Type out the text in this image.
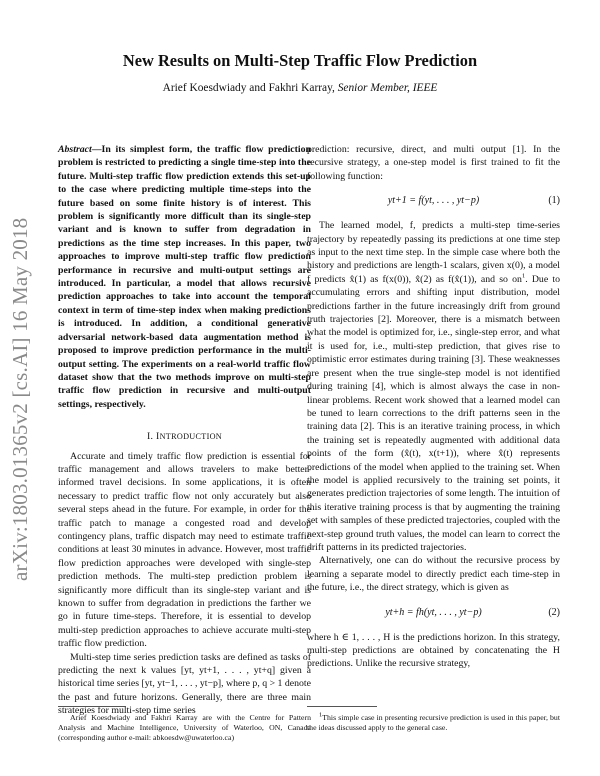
New Results on Multi-Step Traffic Flow Prediction
Arief Koesdwiady and Fakhri Karray, Senior Member, IEEE
arXiv:1803.01365v2 [cs.AI] 16 May 2018

Abstract—In its simplest form, the traffic flow prediction problem is restricted to predicting a single time-step into the future. Multi-step traffic flow prediction extends this set-up to the case where predicting multiple time-steps into the future based on some finite history is of interest. This problem is significantly more difficult than its single-step variant and is known to suffer from degradation in predictions as the time step increases. In this paper, two approaches to improve multi-step traffic flow prediction performance in recursive and multi-output settings are introduced. In particular, a model that allows recursive prediction approaches to take into account the temporal context in term of time-step index when making predictions is introduced. In addition, a conditional generative adversarial network-based data augmentation method is proposed to improve prediction performance in the multi-output setting. The experiments on a real-world traffic flow dataset show that the two methods improve on multi-step traffic flow prediction in recursive and multi-output settings, respectively.

I. INTRODUCTION

Accurate and timely traffic flow prediction is essential for traffic management and allows travelers to make better-informed travel decisions. In some applications, it is often necessary to predict traffic flow not only accurately but also several steps ahead in the future. For example, in order for the traffic patch to manage a congested road and develop contingency plans, traffic dispatch may need to estimate traffic conditions at least 30 minutes in advance. However, most traffic flow prediction approaches were developed with single-step prediction methods. The multi-step prediction problem is significantly more difficult than its single-step variant and is known to suffer from degradation in predictions the farther we go in future time-steps. Therefore, it is essential to develop multi-step prediction approaches to achieve accurate multi-step traffic flow prediction.

Multi-step time series prediction tasks are defined as tasks of predicting the next k values [yt, yt+1, . . . , yt+q] given a historical time series [yt, yt−1, . . . , yt−p], where p, q > 1 denote the past and future horizons. Generally, there are three main strategies for multi-step time series

Arief Koesdwiady and Fakhri Karray are with the Centre for Pattern Analysis and Machine Intelligence, University of Waterloo, ON, Canada (corresponding author e-mail: abkoesdw@uwaterloo.ca)

prediction: recursive, direct, and multi output [1]. In the recursive strategy, a one-step model is first trained to fit the following function:

yt+1 = f(yt, . . . , yt−p)	(1)

The learned model, f, predicts a multi-step time-series trajectory by repeatedly passing its predictions at one time step as input to the next time step. In the simple case where both the history and predictions are length-1 scalars, given x(0), a model f predicts x̂(1) as f(x(0)), x̂(2) as f(x̂(1)), and so $on^1$. Due to accumulating errors and shifting input distribution, model predictions farther in the future increasingly drift from ground truth trajectories [2]. Moreover, there is a mismatch between what the model is optimized for, i.e., single-step error, and what it is used for, i.e., multi-step prediction, that gives rise to optimistic error estimates during training [3]. These weaknesses are present when the true single-step model is not identified during training [4], which is almost always the case in non-linear problems. Recent work showed that a learned model can be tuned to learn corrections to the drift patterns seen in the training data [2]. This is an iterative training process, in which the training set is repeatedly augmented with additional data points of the form (x̂(t), x(t+1)), where x̂(t) represents predictions of the model when applied to the training set. When the model is applied recursively to the training set points, it generates prediction trajectories of some length. The intuition of this iterative training process is that by augmenting the training set with samples of these predicted trajectories, coupled with the next-step ground truth values, the model can learn to correct the drift patterns in its predicted trajectories.

Alternatively, one can do without the recursive process by learning a separate model to directly predict each time-step in the future, i.e., the direct strategy, which is given as

yt+h = fh(yt, . . . , yt−p)	(2)

where h ∈ 1, . . . , H is the predictions horizon. In this strategy, multi-step predictions are obtained by concatenating the H predictions. Unlike the recursive strategy,

$^1$This simple case in presenting recursive prediction is used in this paper, but the ideas discussed apply to the general case.
